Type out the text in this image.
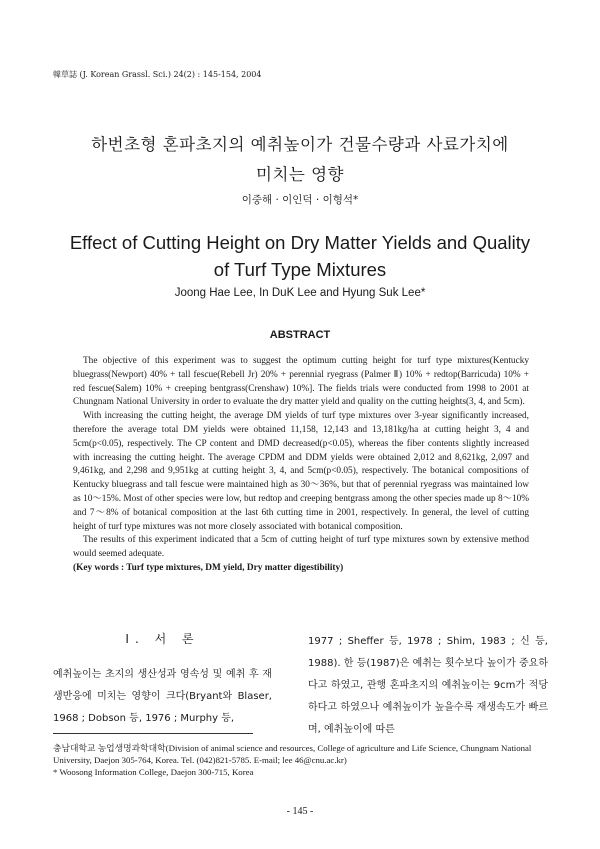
韓草誌 (J. Korean Grassl. Sci.) 24(2) : 145-154, 2004
하번초형 혼파초지의 예취높이가 건물수량과 사료가치에
미치는 영향
이중해 · 이인덕 · 이형석*
Effect of Cutting Height on Dry Matter Yields and Quality
of Turf Type Mixtures
Joong Hae Lee, In DuK Lee and Hyung Suk Lee*
ABSTRACT

The objective of this experiment was to suggest the optimum cutting height for turf type mixtures(Kentucky bluegrass(Newport) 40% + tall fescue(Rebell Jr) 20% + perennial ryegrass (Palmer Ⅱ) 10% + redtop(Barricuda) 10% + red fescue(Salem) 10% + creeping bentgrass(Crenshaw) 10%]. The fields trials were conducted from 1998 to 2001 at Chungnam National University in order to evaluate the dry matter yield and quality on the cutting heights(3, 4, and 5cm).

With increasing the cutting height, the average DM yields of turf type mixtures over 3-year significantly increased, therefore the average total DM yields were obtained 11,158, 12,143 and 13,181kg/ha at cutting height 3, 4 and 5cm(p<0.05), respectively. The CP content and DMD decreased(p<0.05), whereas the fiber contents slightly increased with increasing the cutting height. The average CPDM and DDM yields were obtained 2,012 and 8,621kg, 2,097 and 9,461kg, and 2,298 and 9,951kg at cutting height 3, 4, and 5cm(p<0.05), respectively. The botanical compositions of Kentucky bluegrass and tall fescue were maintained high as 30～36%, but that of perennial ryegrass was maintained low as 10～15%. Most of other species were low, but redtop and creeping bentgrass among the other species made up 8～10% and 7～8% of botanical composition at the last 6th cutting time in 2001, respectively. In general, the level of cutting height of turf type mixtures was not more closely associated with botanical composition.

The results of this experiment indicated that a 5cm of cutting height of turf type mixtures sown by extensive method would seemed adequate.

(Key words : Turf type mixtures, DM yield, Dry matter digestibility)

Ⅰ. 서 론
예취높이는 초지의 생산성과 영속성 및 예취 후 재생반응에 미치는 영향이 크다(Bryant와 Blaser, 1968 ; Dobson 등, 1976 ; Murphy 등,
1977 ; Sheffer 등, 1978 ; Shim, 1983 ; 신 등, 1988). 한 등(1987)은 예취는 횟수보다 높이가 중요하다고 하였고, 관행 혼파초지의 예취높이는 9cm가 적당하다고 하였으나 예취높이가 높을수록 재생속도가 빠르며, 예취높이에 따른

충남대학교 농업생명과학대학(Division of animal science and resources, College of agriculture and Life Science, Chungnam National University, Daejon 305-764, Korea. Tel. (042)821-5785. E-mail; lee 46@cnu.ac.kr)

* Woosong Information College, Daejon 300-715, Korea

- 145 -
